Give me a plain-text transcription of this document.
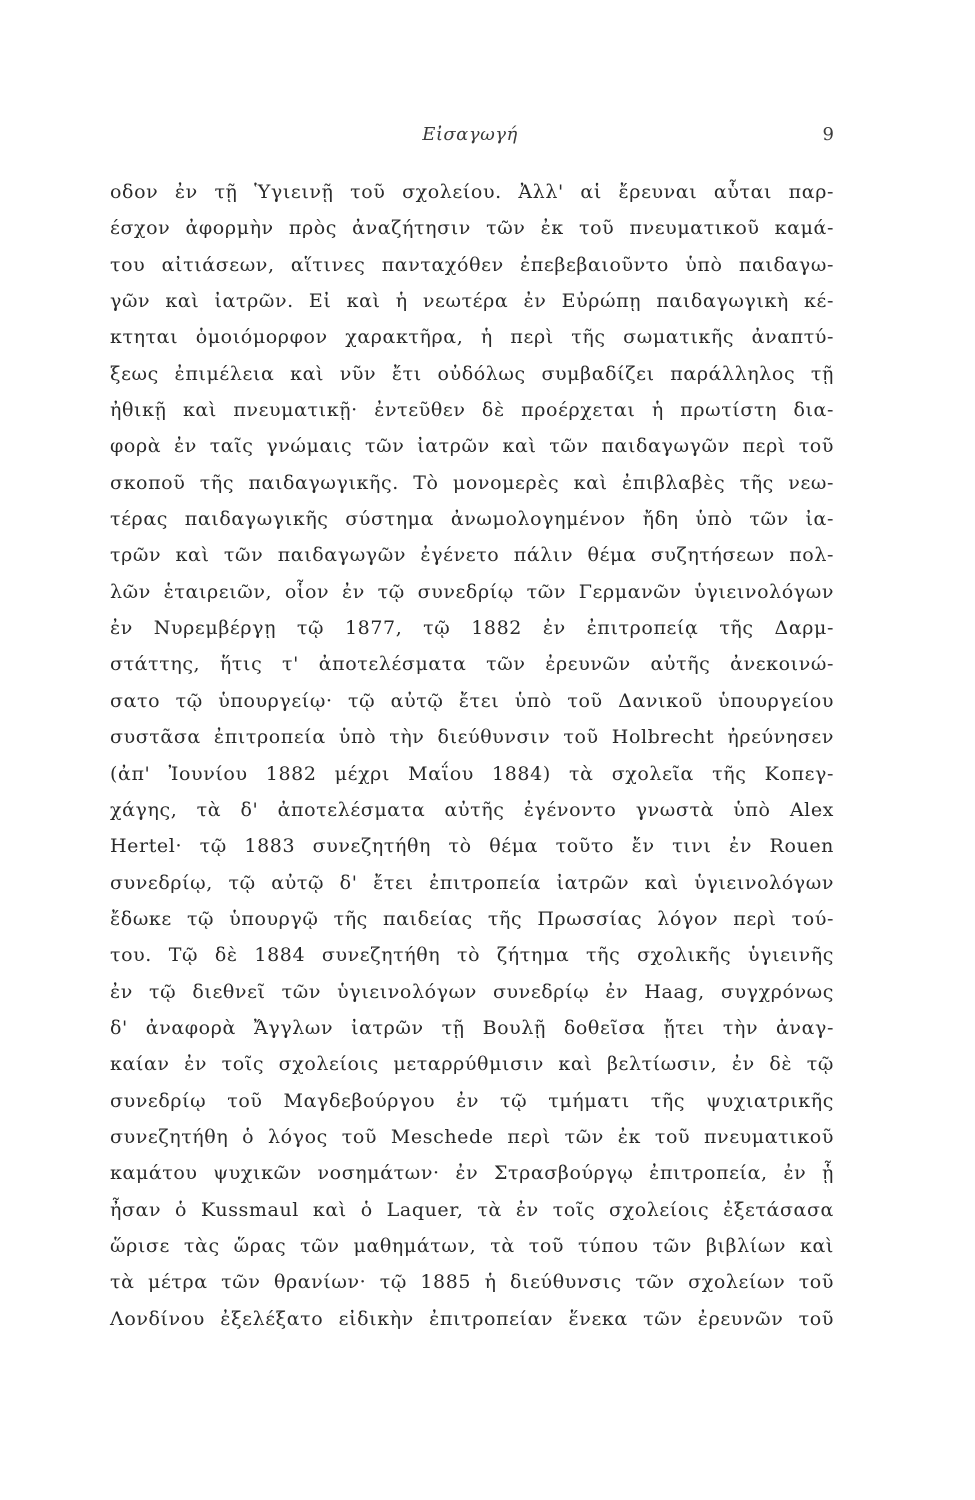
Εἰσαγωγή	9
οδον ἐν τῇ Ὑγιεινῇ τοῦ σχολείου. Ἀλλ' αἱ ἔρευναι αὗται παρ-
έσχον ἀφορμὴν πρὸς ἀναζήτησιν τῶν ἐκ τοῦ πνευματικοῦ καμά-
του αἰτιάσεων, αἵτινες πανταχόθεν ἐπεβεβαιοῦντο ὑπὸ παιδαγω-
γῶν καὶ ἰατρῶν. Εἰ καὶ ἡ νεωτέρα ἐν Εὐρώπῃ παιδαγωγικὴ κέ-
κτηται ὁμοιόμορφον χαρακτῆρα, ἡ περὶ τῆς σωματικῆς ἀναπτύ-
ξεως ἐπιμέλεια καὶ νῦν ἔτι οὐδόλως συμβαδίζει παράλληλος τῇ
ἠθικῇ καὶ πνευματικῇ· ἐντεῦθεν δὲ προέρχεται ἡ πρωτίστη δια-
φορὰ ἐν ταῖς γνώμαις τῶν ἰατρῶν καὶ τῶν παιδαγωγῶν περὶ τοῦ
σκοποῦ τῆς παιδαγωγικῆς. Τὸ μονομερὲς καὶ ἐπιβλαβὲς τῆς νεω-
τέρας παιδαγωγικῆς σύστημα ἀνωμολογημένον ἤδη ὑπὸ τῶν ἰα-
τρῶν καὶ τῶν παιδαγωγῶν ἐγένετο πάλιν θέμα συζητήσεων πολ-
λῶν ἑταιρειῶν, οἷον ἐν τῷ συνεδρίῳ τῶν Γερμανῶν ὑγιεινολόγων
ἐν Νυρεμβέργῃ τῷ 1877, τῷ 1882 ἐν ἐπιτροπείᾳ τῆς Δαρμ-
στάττης, ἥτις τ' ἀποτελέσματα τῶν ἐρευνῶν αὐτῆς ἀνεκοινώ-
σατο τῷ ὑπουργείῳ· τῷ αὐτῷ ἔτει ὑπὸ τοῦ Δανικοῦ ὑπουργείου
συστᾶσα ἐπιτροπεία ὑπὸ τὴν διεύθυνσιν τοῦ Holbrecht ἠρεύνησεν
(ἀπ' Ἰουνίου 1882 μέχρι Μαΐου 1884) τὰ σχολεῖα τῆς Κοπεγ-
χάγης, τὰ δ' ἀποτελέσματα αὐτῆς ἐγένοντο γνωστὰ ὑπὸ Alex
Hertel· τῷ 1883 συνεζητήθη τὸ θέμα τοῦτο ἔν τινι ἐν Rouen
συνεδρίῳ, τῷ αὐτῷ δ' ἔτει ἐπιτροπεία ἰατρῶν καὶ ὑγιεινολόγων
ἔδωκε τῷ ὑπουργῷ τῆς παιδείας τῆς Πρωσσίας λόγον περὶ τού-
του. Τῷ δὲ 1884 συνεζητήθη τὸ ζήτημα τῆς σχολικῆς ὑγιεινῆς
ἐν τῷ διεθνεῖ τῶν ὑγιεινολόγων συνεδρίῳ ἐν Haag, συγχρόνως
δ' ἀναφορὰ Ἄγγλων ἰατρῶν τῇ Βουλῇ δοθεῖσα ᾔτει τὴν ἀναγ-
καίαν ἐν τοῖς σχολείοις μεταρρύθμισιν καὶ βελτίωσιν, ἐν δὲ τῷ
συνεδρίῳ τοῦ Μαγδεβούργου ἐν τῷ τμήματι τῆς ψυχιατρικῆς
συνεζητήθη ὁ λόγος τοῦ Meschede περὶ τῶν ἐκ τοῦ πνευματικοῦ
καμάτου ψυχικῶν νοσημάτων· ἐν Στρασβούργῳ ἐπιτροπεία, ἐν ᾗ
ἦσαν ὁ Kussmaul καὶ ὁ Laquer, τὰ ἐν τοῖς σχολείοις ἐξετάσασα
ὥρισε τὰς ὥρας τῶν μαθημάτων, τὰ τοῦ τύπου τῶν βιβλίων καὶ
τὰ μέτρα τῶν θρανίων· τῷ 1885 ἡ διεύθυνσις τῶν σχολείων τοῦ
Λονδίνου ἐξελέξατο εἰδικὴν ἐπιτροπείαν ἕνεκα τῶν ἐρευνῶν τοῦ
